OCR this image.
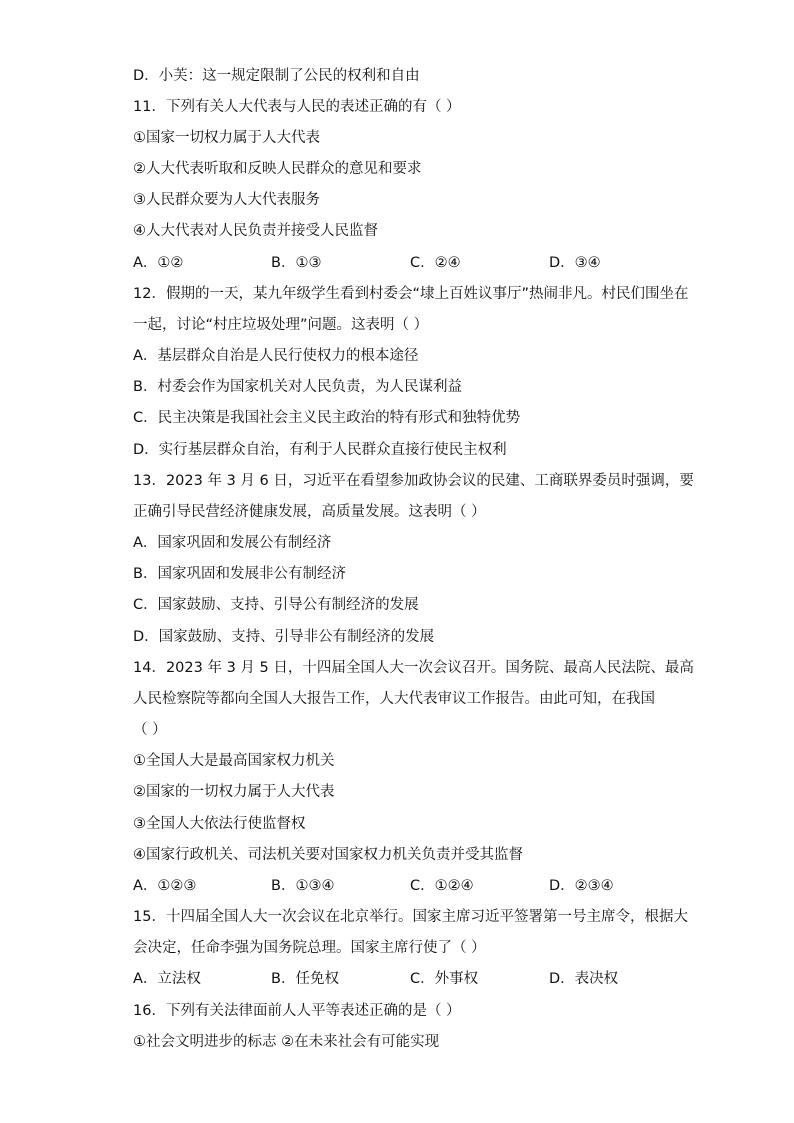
D．小芙：这一规定限制了公民的权利和自由
11．下列有关人大代表与人民的表述正确的有（ ）
①国家一切权力属于人大代表
②人大代表听取和反映人民群众的意见和要求
③人民群众要为人大代表服务
④人大代表对人民负责并接受人民监督
A．①②	B．①③	C．②④	D．③④
12．假期的一天，某九年级学生看到村委会“埭上百姓议事厅”热闹非凡。村民们围坐在
一起，讨论“村庄垃圾处理”问题。这表明（ ）
A．基层群众自治是人民行使权力的根本途径
B．村委会作为国家机关对人民负责，为人民谋利益
C．民主决策是我国社会主义民主政治的特有形式和独特优势
D．实行基层群众自治，有利于人民群众直接行使民主权利
13．2023 年 3 月 6 日，习近平在看望参加政协会议的民建、工商联界委员时强调，要
正确引导民营经济健康发展，高质量发展。这表明（ ）
A．国家巩固和发展公有制经济
B．国家巩固和发展非公有制经济
C．国家鼓励、支持、引导公有制经济的发展
D．国家鼓励、支持、引导非公有制经济的发展
14．2023 年 3 月 5 日，十四届全国人大一次会议召开。国务院、最高人民法院、最高
人民检察院等都向全国人大报告工作，人大代表审议工作报告。由此可知，在我国
（ ）
①全国人大是最高国家权力机关
②国家的一切权力属于人大代表
③全国人大依法行使监督权
④国家行政机关、司法机关要对国家权力机关负责并受其监督
A．①②③	B．①③④	C．①②④	D．②③④
15．十四届全国人大一次会议在北京举行。国家主席习近平签署第一号主席令，根据大
会决定，任命李强为国务院总理。国家主席行使了（ ）
A．立法权	B．任免权	C．外事权	D．表决权
16．下列有关法律面前人人平等表述正确的是（ ）
①社会文明进步的标志 ②在未来社会有可能实现
